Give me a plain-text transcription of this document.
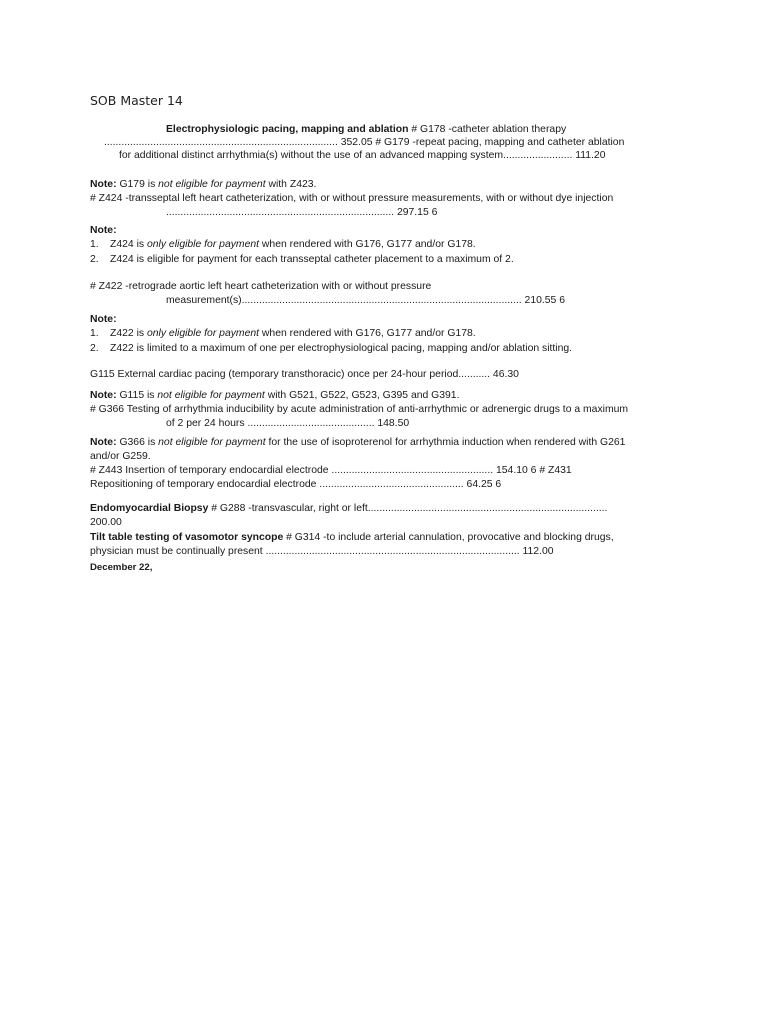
SOB Master 14
Electrophysiologic pacing, mapping and ablation # G178 -catheter ablation therapy
................................................................................. 352.05 # G179 -repeat pacing, mapping and catheter ablation
for additional distinct arrhythmia(s) without the use of an advanced mapping system........................ 111.20
Note: G179 is not eligible for payment with Z423.
# Z424 -transseptal left heart catheterization, with or without pressure measurements, with or without dye injection
............................................................................... 297.15 6
Note:
1. Z424 is only eligible for payment when rendered with G176, G177 and/or G178.
2. Z424 is eligible for payment for each transseptal catheter placement to a maximum of 2.
# Z422 -retrograde aortic left heart catheterization with or without pressure
measurement(s)................................................................................................. 210.55 6
Note:
1. Z422 is only eligible for payment when rendered with G176, G177 and/or G178.
2. Z422 is limited to a maximum of one per electrophysiological pacing, mapping and/or ablation sitting.
G115 External cardiac pacing (temporary transthoracic) once per 24-hour period........... 46.30
Note: G115 is not eligible for payment with G521, G522, G523, G395 and G391.
# G366 Testing of arrhythmia inducibility by acute administration of anti-arrhythmic or adrenergic drugs to a maximum
of 2 per 24 hours ............................................ 148.50
Note: G366 is not eligible for payment for the use of isoproterenol for arrhythmia induction when rendered with G261
and/or G259.
# Z443 Insertion of temporary endocardial electrode ........................................................ 154.10 6 # Z431
Repositioning of temporary endocardial electrode .................................................. 64.25 6
Endomyocardial Biopsy # G288 -transvascular, right or left...................................................................................
200.00
Tilt table testing of vasomotor syncope # G314 -to include arterial cannulation, provocative and blocking drugs,
physician must be continually present ........................................................................................ 112.00
December 22,
